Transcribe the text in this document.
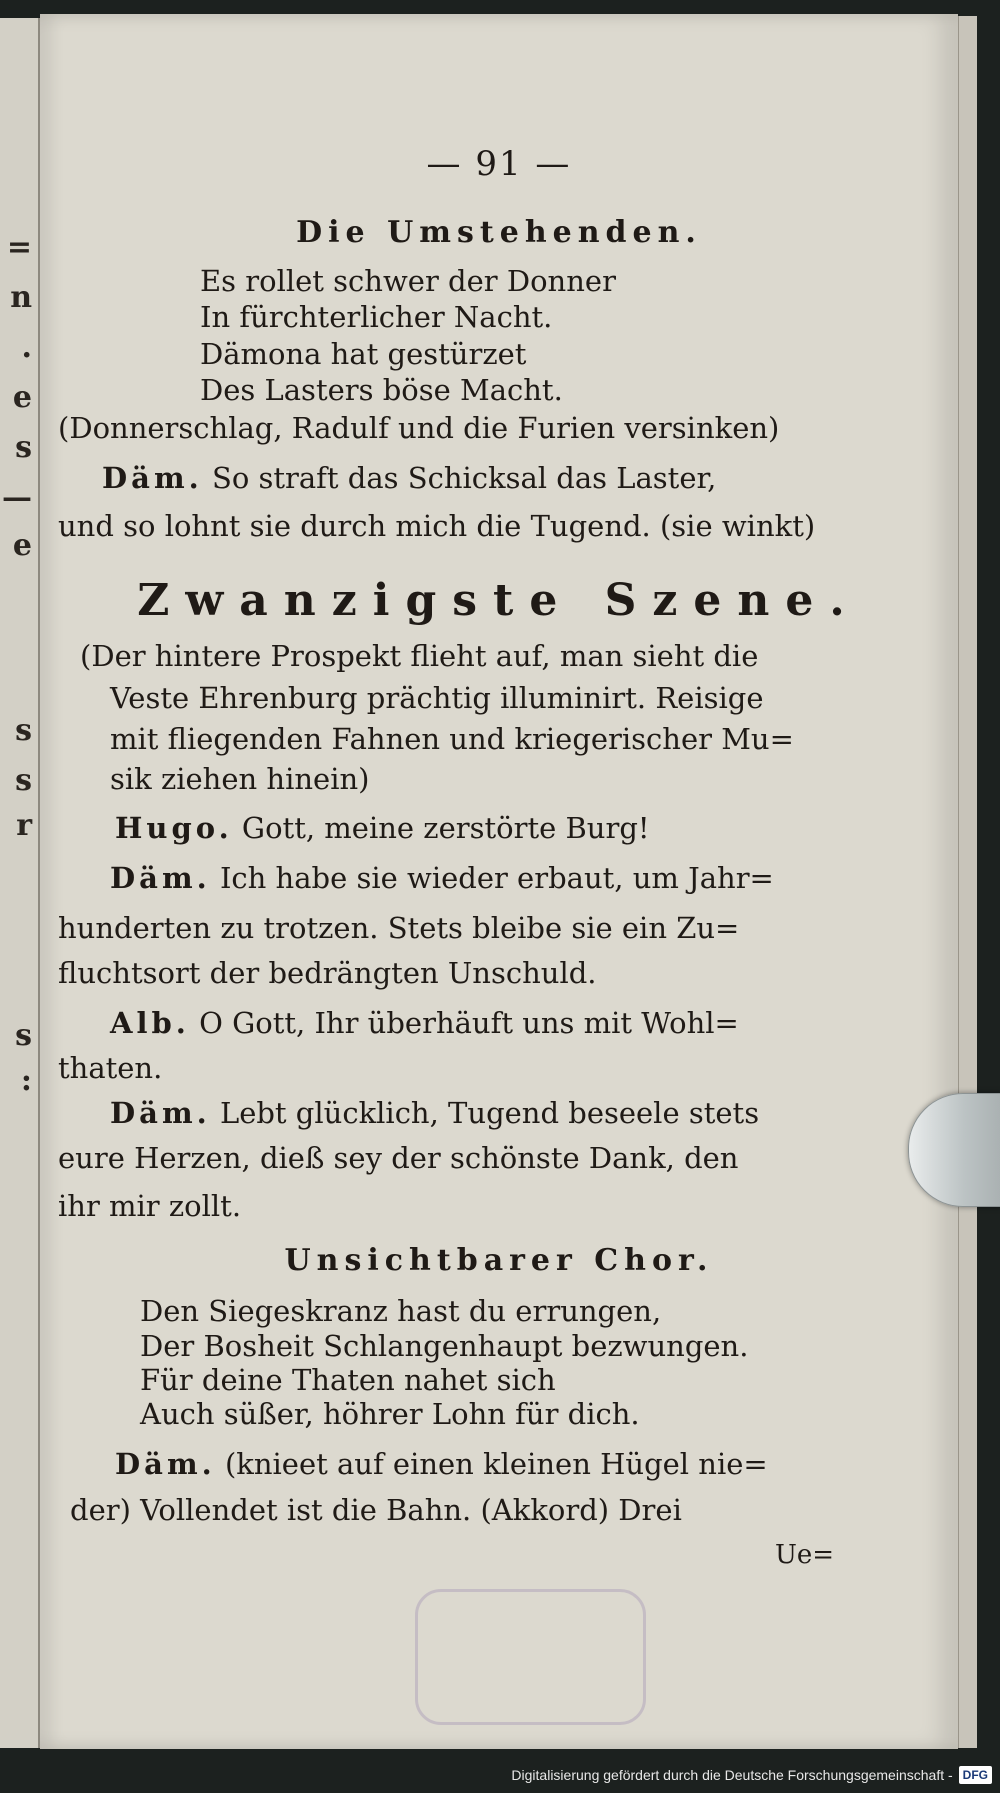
=
n
.
e
s
—
e
s
s
r
s
:
— 91 —
Die Umstehenden.
Es rollet schwer der Donner
In fürchterlicher Nacht.
Dämona hat gestürzet
Des Lasters böse Macht.
(Donnerschlag, Radulf und die Furien versinken)
Däm. So straft das Schicksal das Laster,
und so lohnt sie durch mich die Tugend. (sie winkt)
Zwanzigste Szene.
(Der hintere Prospekt flieht auf, man sieht die
Veste Ehrenburg prächtig illuminirt. Reisige
mit fliegenden Fahnen und kriegerischer Mu=
sik ziehen hinein)
Hugo. Gott, meine zerstörte Burg!
Däm. Ich habe sie wieder erbaut, um Jahr=
hunderten zu trotzen. Stets bleibe sie ein Zu=
fluchtsort der bedrängten Unschuld.
Alb. O Gott, Ihr überhäuft uns mit Wohl=
thaten.
Däm. Lebt glücklich, Tugend beseele stets
eure Herzen, dieß sey der schönste Dank, den
ihr mir zollt.
Unsichtbarer Chor.
Den Siegeskranz hast du errungen,
Der Bosheit Schlangenhaupt bezwungen.
Für deine Thaten nahet sich
Auch süßer, höhrer Lohn für dich.
Däm. (knieet auf einen kleinen Hügel nie=
der) Vollendet ist die Bahn. (Akkord) Drei
Ue=
Digitalisierung gefördert durch die Deutsche Forschungsgemeinschaft - DFG
